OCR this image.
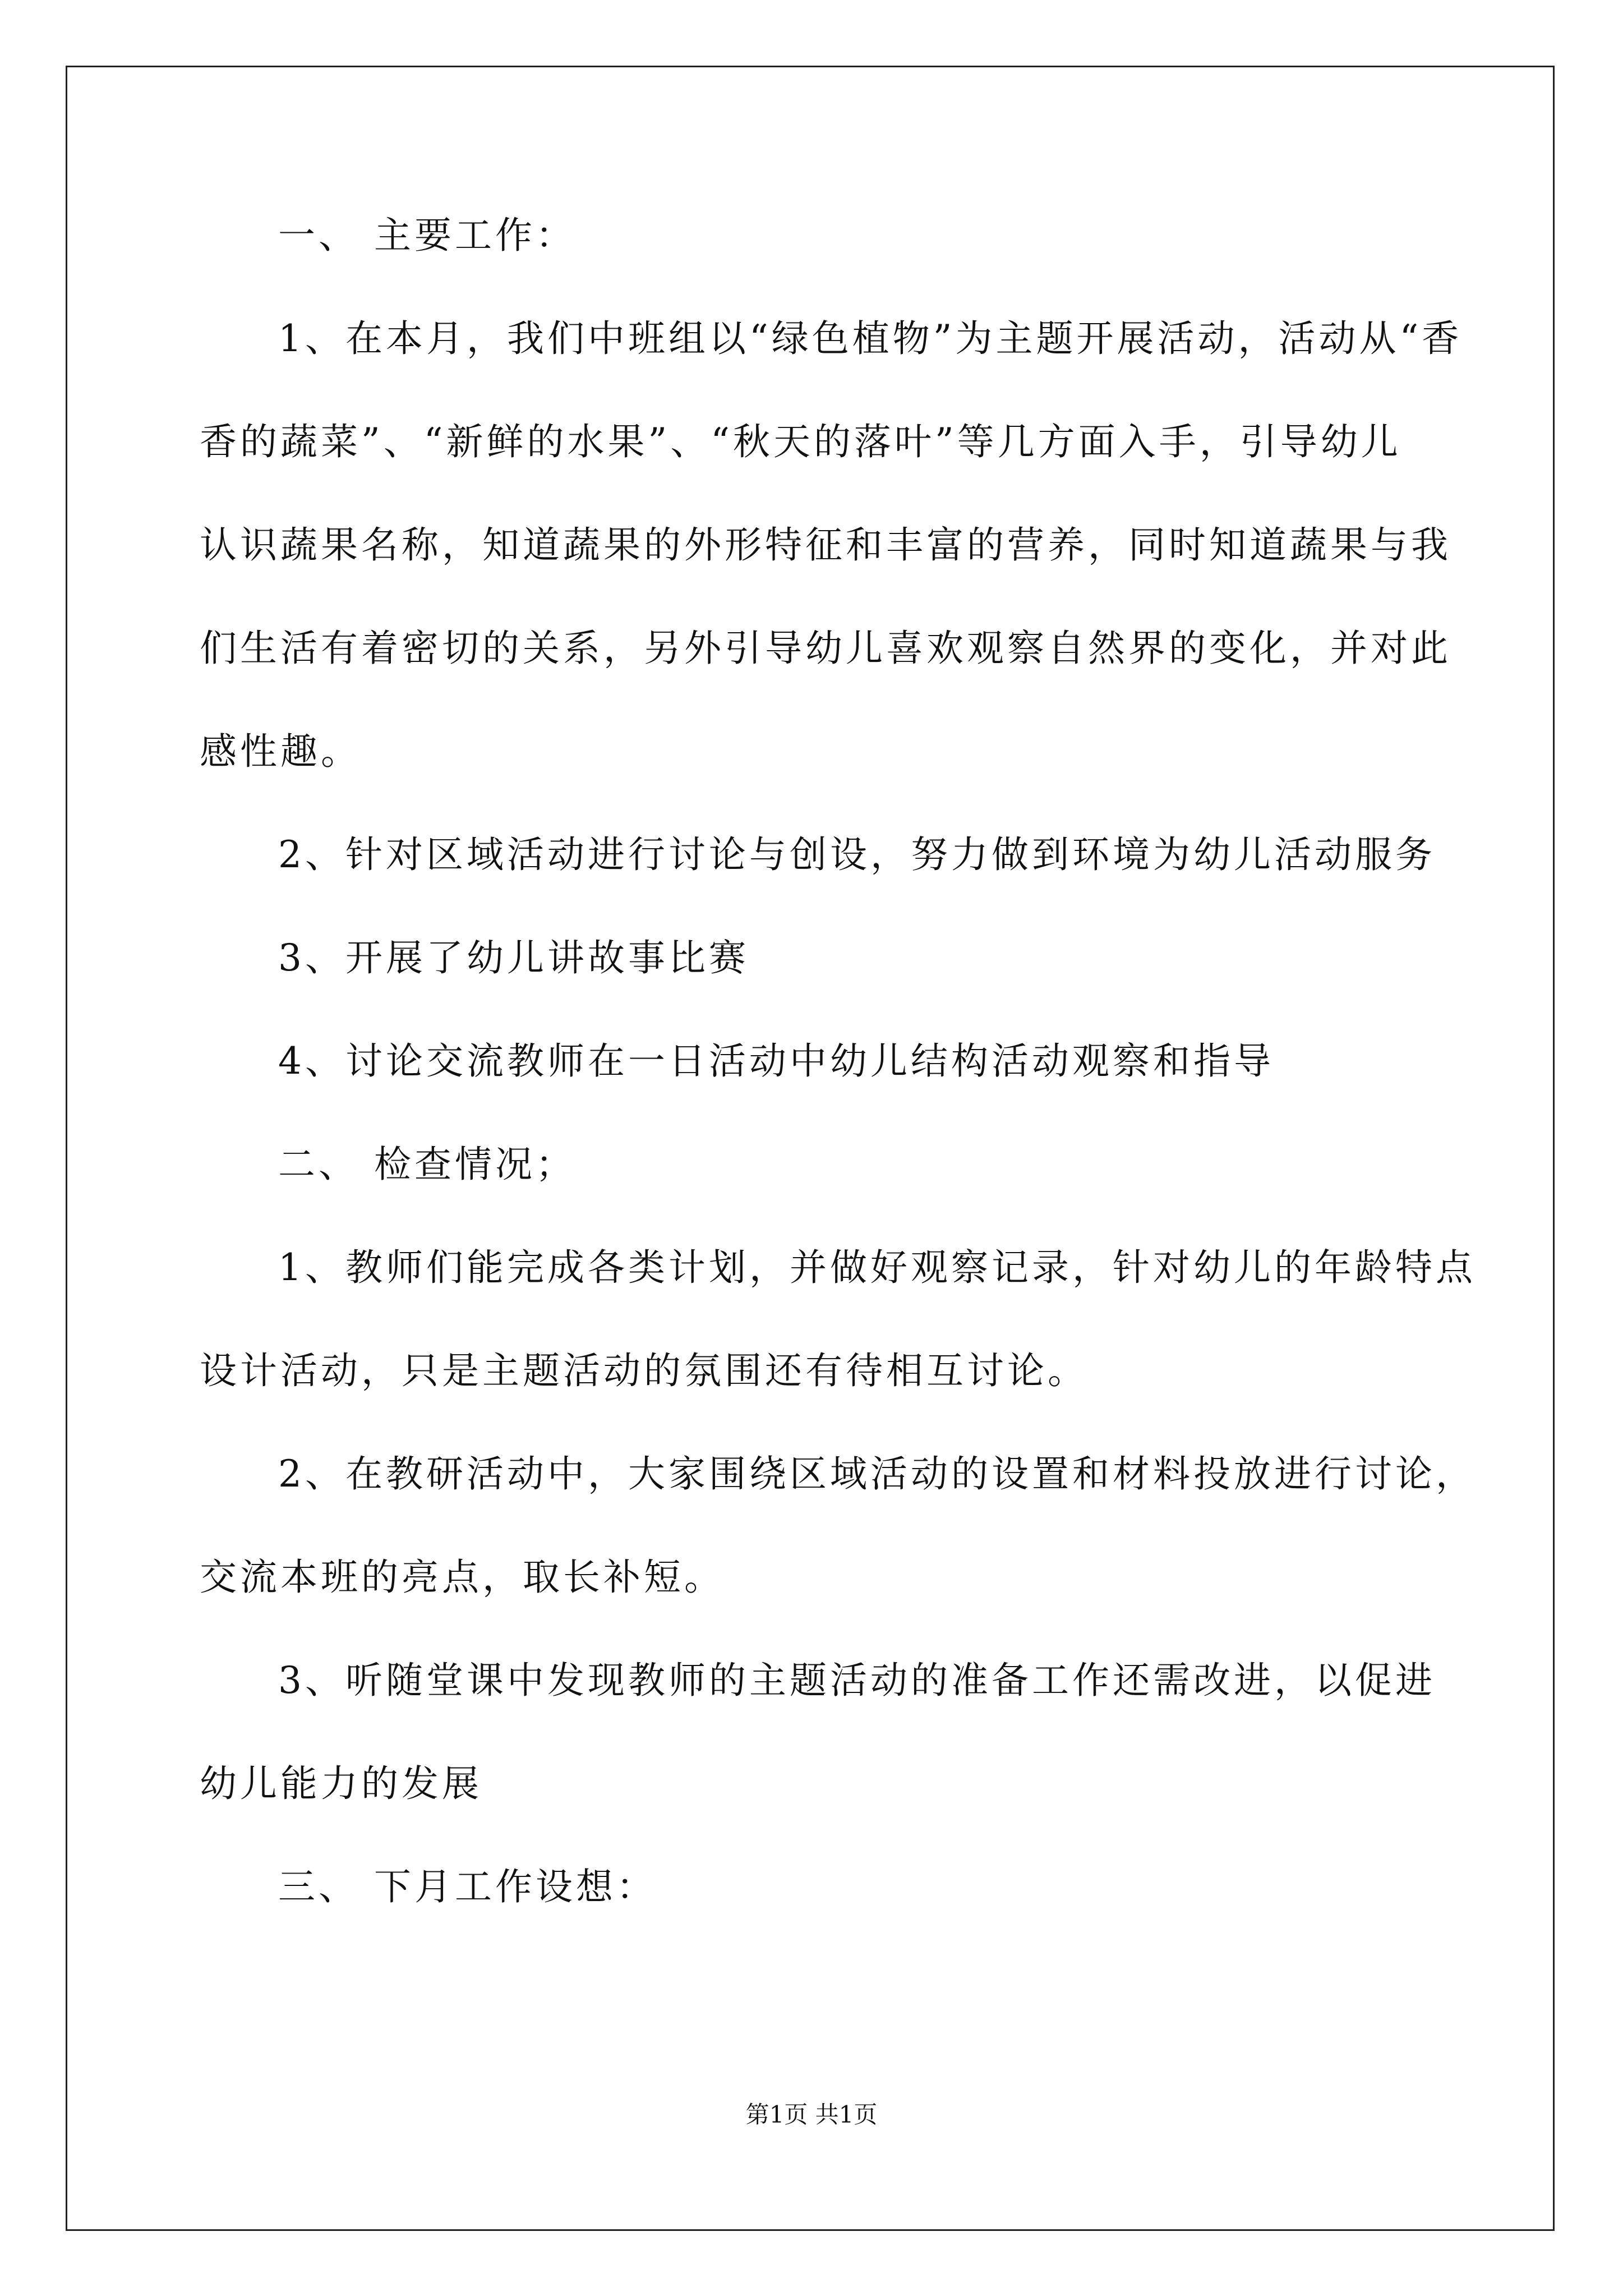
一、 主要工作：
1、在本月，我们中班组以“绿色植物”为主题开展活动，活动从“香
香的蔬菜”、“新鲜的水果”、“秋天的落叶”等几方面入手，引导幼儿
认识蔬果名称，知道蔬果的外形特征和丰富的营养，同时知道蔬果与我
们生活有着密切的关系，另外引导幼儿喜欢观察自然界的变化，并对此
感性趣。
2、针对区域活动进行讨论与创设，努力做到环境为幼儿活动服务
3、开展了幼儿讲故事比赛
4、讨论交流教师在一日活动中幼儿结构活动观察和指导
二、 检查情况；
1、教师们能完成各类计划，并做好观察记录，针对幼儿的年龄特点
设计活动，只是主题活动的氛围还有待相互讨论。
2、在教研活动中，大家围绕区域活动的设置和材料投放进行讨论，
交流本班的亮点，取长补短。
3、听随堂课中发现教师的主题活动的准备工作还需改进，以促进
幼儿能力的发展
三、 下月工作设想：
第1页 共1页
